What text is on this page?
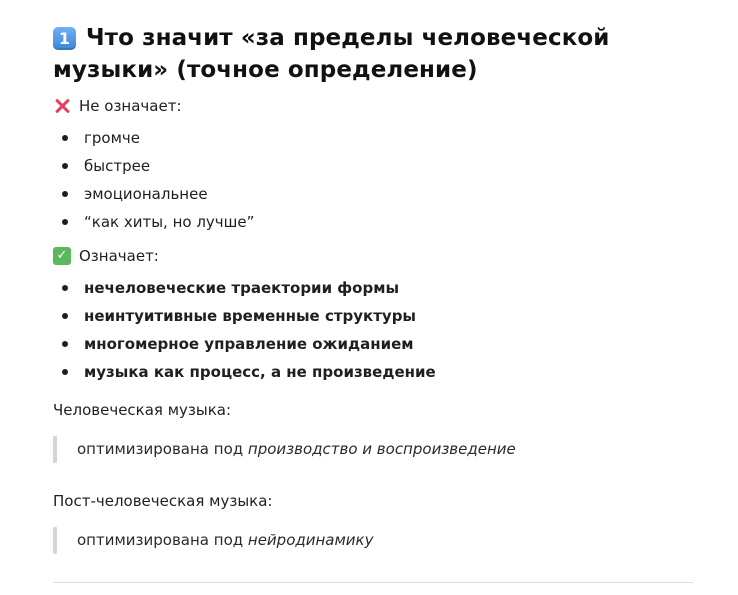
1 Что значит «за пределы человеческой музыки» (точное определение)
Не означает:
громче
быстрее
эмоциональнее
“как хиты, но лучше”
✓ Означает:
нечеловеческие траектории формы
неинтуитивные временные структуры
многомерное управление ожиданием
музыка как процесс, а не произведение
Человеческая музыка:
оптимизирована под производство и воспроизведение
Пост-человеческая музыка:
оптимизирована под нейродинамику
